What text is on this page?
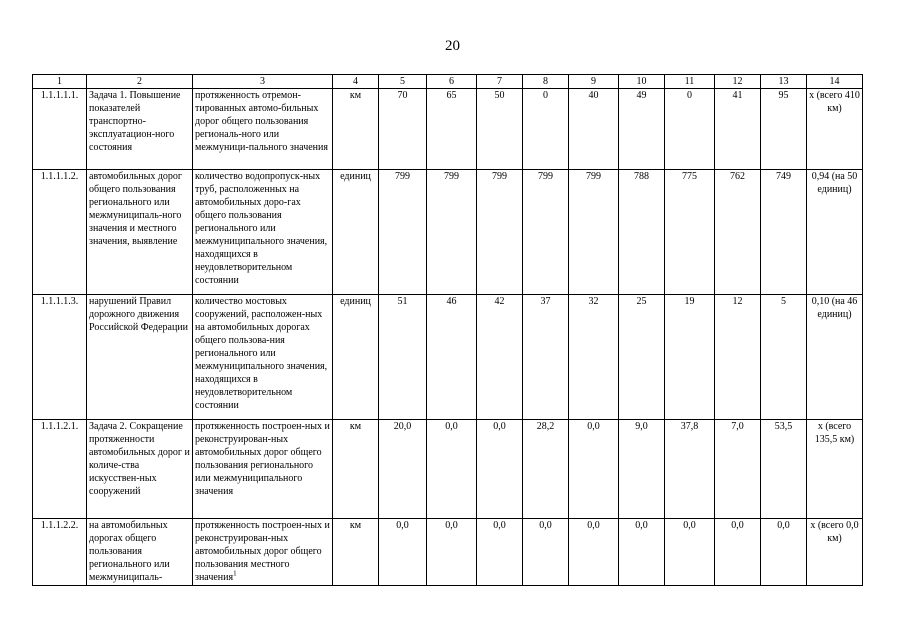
20
1	2	3	4	5	6	7	8	9	10	11	12	13	14
1.1.1.1.1.	Задача 1. Повышение показателей транспортно-эксплуатацион-ного состояния	протяженность отремон-тированных автомо-бильных дорог общего пользования региональ-ного или межмуници-пального значения	км	70	65	50	0	40	49	0	41	95	x (всего 410 км)
1.1.1.1.2.	автомобильных дорог общего пользования регионального или межмуниципаль-ного значения и местного значения, выявление	количество водопропуск-ных труб, расположенных на автомобильных доро-гах общего пользования регионального или межмуниципального значения, находящихся в неудовлетворительном состоянии	единиц	799	799	799	799	799	788	775	762	749	0,94 (на 50 единиц)
1.1.1.1.3.	нарушений Правил дорожного движения Российской Федерации	количество мостовых сооружений, расположен-ных на автомобильных дорогах общего пользова-ния регионального или межмуниципального значения, находящихся в неудовлетворительном состоянии	единиц	51	46	42	37	32	25	19	12	5	0,10 (на 46 единиц)
1.1.1.2.1.	Задача 2. Сокращение протяженности автомобильных дорог и количе-ства искусствен-ных сооружений	протяженность построен-ных и реконструирован-ных автомобильных дорог общего пользования регионального или межмуниципального значения	км	20,0	0,0	0,0	28,2	0,0	9,0	37,8	7,0	53,5	x (всего 135,5 км)
1.1.1.2.2.	на автомобильных дорогах общего пользования регионального или межмуниципаль-	протяженность построен-ных и реконструирован-ных автомобильных дорог общего пользования местного значения$^1$	км	0,0	0,0	0,0	0,0	0,0	0,0	0,0	0,0	0,0	x (всего 0,0 км)
